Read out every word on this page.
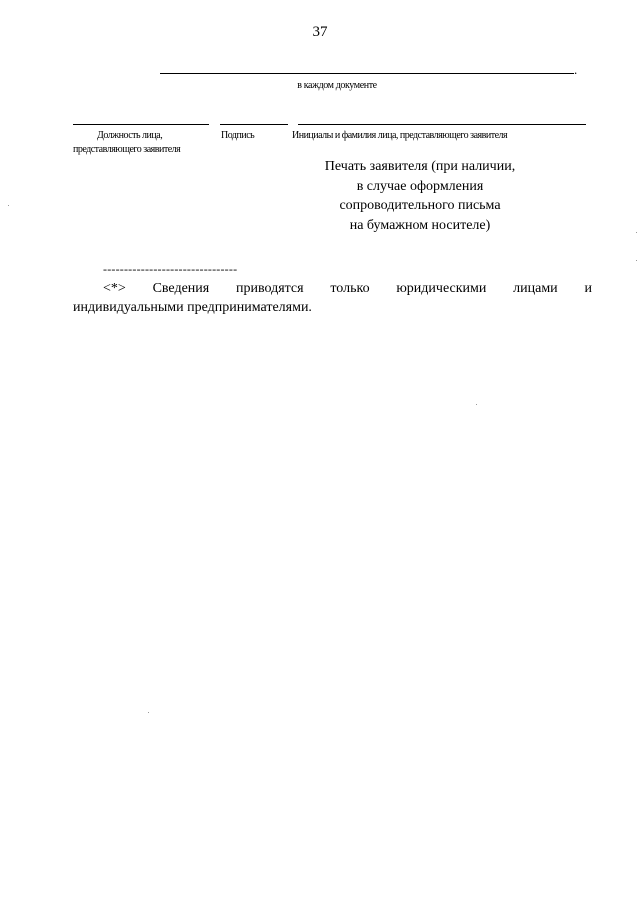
37
.
в каждом документе
Должность лица,
представляющего заявителя
Подпись	Инициалы и фамилия лица, представляющего заявителя
Печать заявителя (при наличии,
в случае оформления
сопроводительного письма
на бумажном носителе)
--------------------------------
<*> Сведения приводятся только юридическими лицами и
индивидуальными предпринимателями.
